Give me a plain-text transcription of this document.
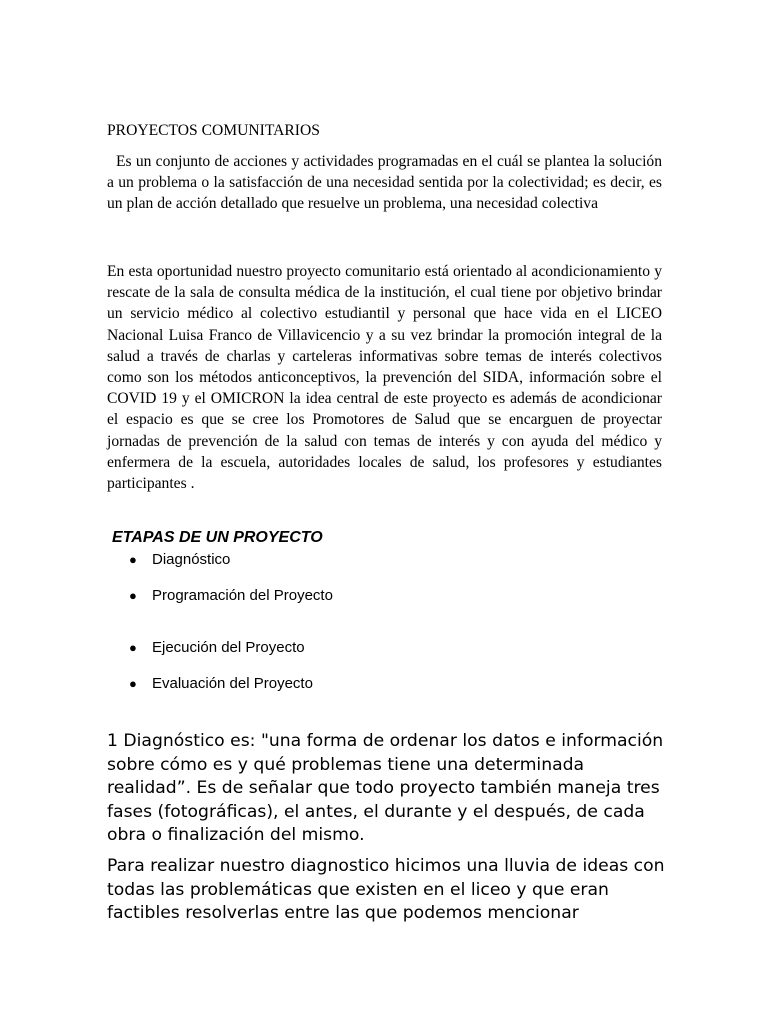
PROYECTOS COMUNITARIOS

Es un conjunto de acciones y actividades programadas en el cuál se plantea la solución a un problema o la satisfacción de una necesidad sentida por la colectividad; es decir, es un plan de acción detallado que resuelve un problema, una necesidad colectiva

En esta oportunidad nuestro proyecto comunitario está orientado al acondicionamiento y rescate de la sala de consulta médica de la institución, el cual tiene por objetivo brindar un servicio médico al colectivo estudiantil y personal que hace vida en el LICEO Nacional Luisa Franco de Villavicencio y a su vez brindar la promoción integral de la salud a través de charlas y carteleras informativas sobre temas de interés colectivos como son los métodos anticonceptivos, la prevención del SIDA, información sobre el COVID 19 y el OMICRON la idea central de este proyecto es además de acondicionar el espacio es que se cree los Promotores de Salud que se encarguen de proyectar jornadas de prevención de la salud con temas de interés y con ayuda del médico y enfermera de la escuela, autoridades locales de salud, los profesores y estudiantes participantes .

ETAPAS DE UN PROYECTO
● Diagnóstico
● Programación del Proyecto
● Ejecución del Proyecto
● Evaluación del Proyecto

1 Diagnóstico es: "una forma de ordenar los datos e información sobre cómo es y qué problemas tiene una determinada realidad”. Es de señalar que todo proyecto también maneja tres fases (fotográficas), el antes, el durante y el después, de cada obra o finalización del mismo.

Para realizar nuestro diagnostico hicimos una lluvia de ideas con todas las problemáticas que existen en el liceo y que eran factibles resolverlas entre las que podemos mencionar
